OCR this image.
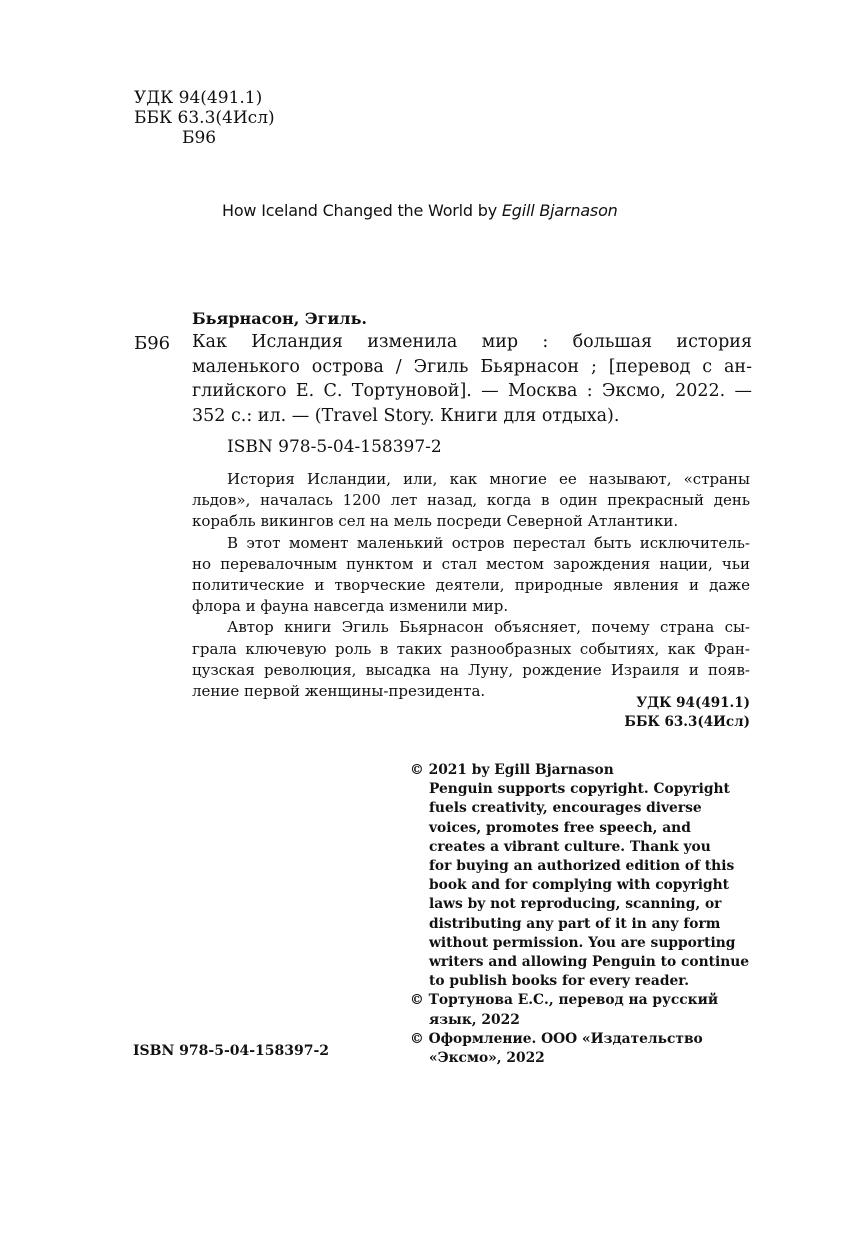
УДК 94(491.1)
ББК 63.3(4Исл)
Б96
How Iceland Changed the World by Egill Bjarnason
Бьярнасон, Эгиль.
Б96 Как Исландия изменила мир : большая история
маленького острова / Эгиль Бьярнасон ; [перевод с ан-
глийского Е. С. Тортуновой]. — Москва : Эксмо, 2022. —
352 с.: ил. — (Travel Story. Книги для отдыха).
ISBN 978-5-04-158397-2
История Исландии, или, как многие ее называют, «страны
льдов», началась 1200 лет назад, когда в один прекрасный день
корабль викингов сел на мель посреди Северной Атлантики.
В этот момент маленький остров перестал быть исключитель-
но перевалочным пунктом и стал местом зарождения нации, чьи
политические и творческие деятели, природные явления и даже
флора и фауна навсегда изменили мир.
Автор книги Эгиль Бьярнасон объясняет, почему страна сы-
грала ключевую роль в таких разнообразных событиях, как Фран-
цузская революция, высадка на Луну, рождение Израиля и появ-
ление первой женщины-президента.
УДК 94(491.1)
ББК 63.3(4Исл)
© 2021 by Egill Bjarnason
Penguin supports copyright. Copyright
fuels creativity, encourages diverse
voices, promotes free speech, and
creates a vibrant culture. Thank you
for buying an authorized edition of this
book and for complying with copyright
laws by not reproducing, scanning, or
distributing any part of it in any form
without permission. You are supporting
writers and allowing Penguin to continue
to publish books for every reader.
© Тортунова Е.С., перевод на русский
язык, 2022
© Оформление. ООО «Издательство
«Эксмо», 2022
ISBN 978-5-04-158397-2
